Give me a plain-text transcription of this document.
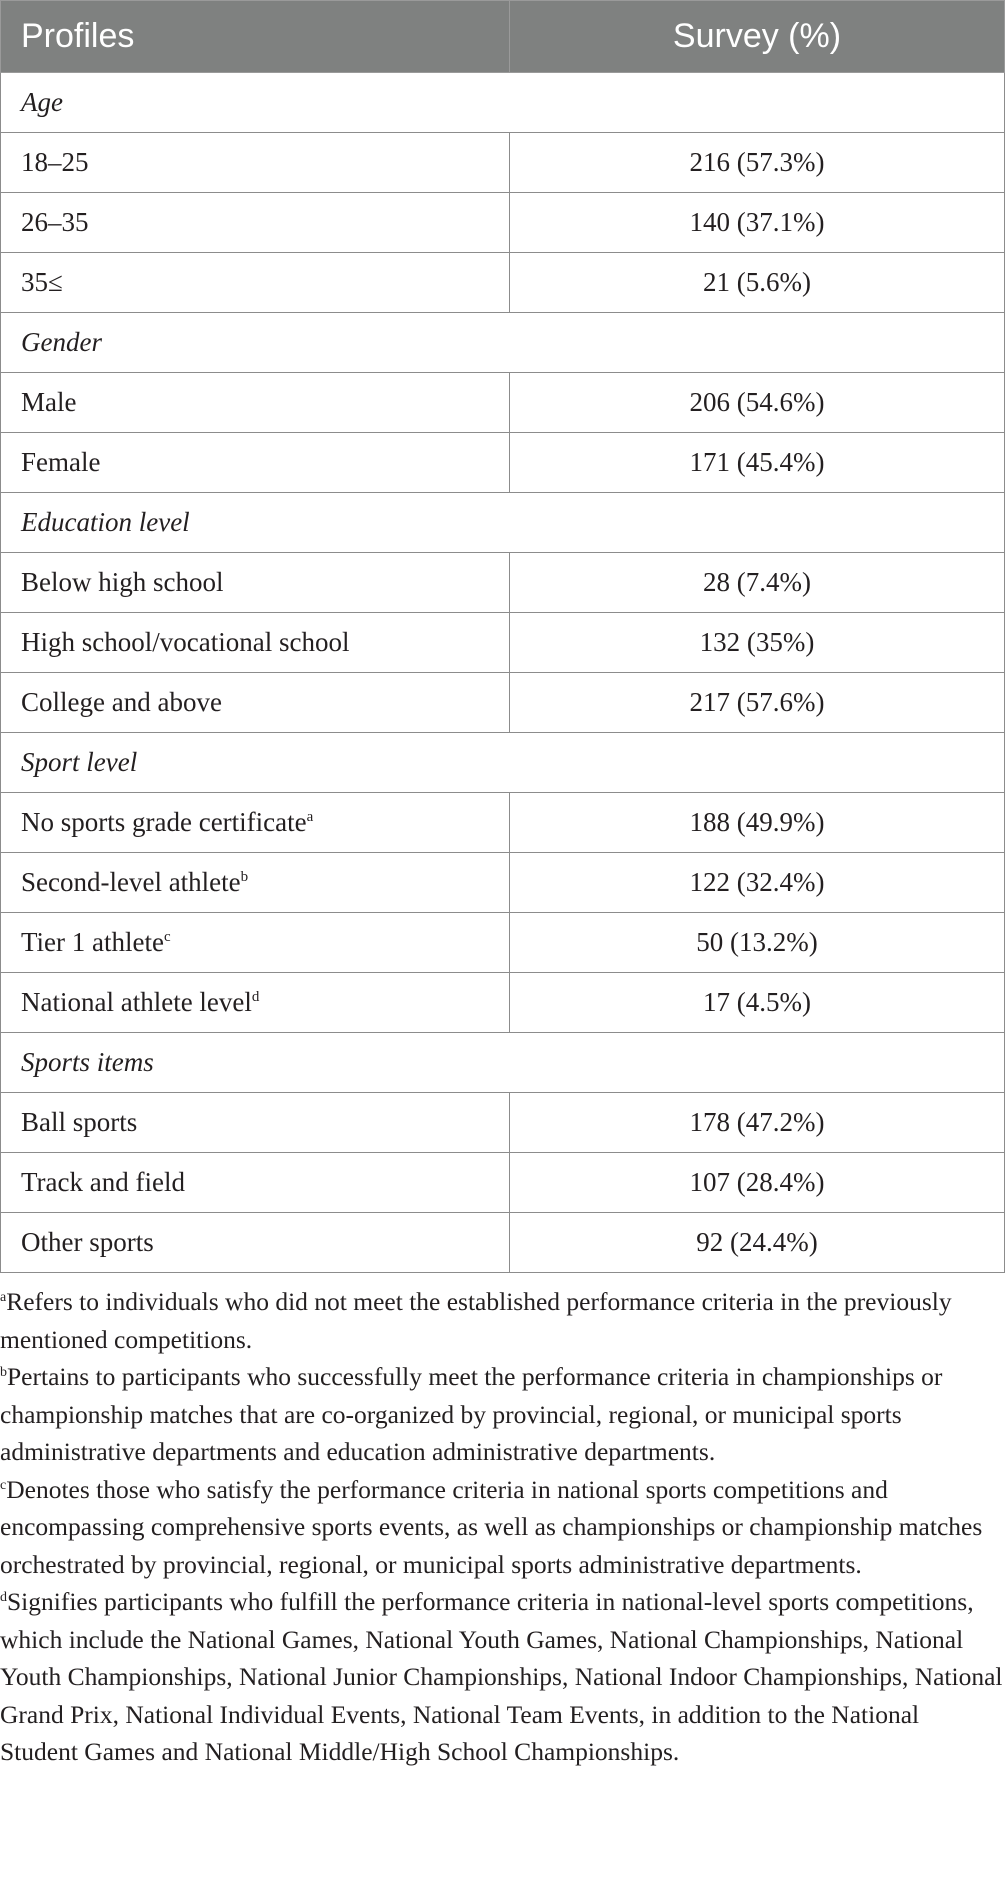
Profiles	Survey (%)
Age	
18–25	216 (57.3%)
26–35	140 (37.1%)
35≤	21 (5.6%)
Gender	
Male	206 (54.6%)
Female	171 (45.4%)
Education level	
Below high school	28 (7.4%)
High school/vocational school	132 (35%)
College and above	217 (57.6%)
Sport level	
No sports grade certificate$^a$	188 (49.9%)
Second-level athlete$^b$	122 (32.4%)
Tier 1 athlete$^c$	50 (13.2%)
National athlete level$^d$	17 (4.5%)
Sports items	
Ball sports	178 (47.2%)
Track and field	107 (28.4%)
Other sports	92 (24.4%)

$^a$Refers to individuals who did not meet the established performance criteria in the previously mentioned competitions.

$^b$Pertains to participants who successfully meet the performance criteria in championships or championship matches that are co-organized by provincial, regional, or municipal sports administrative departments and education administrative departments.

$^c$Denotes those who satisfy the performance criteria in national sports competitions and encompassing comprehensive sports events, as well as championships or championship matches orchestrated by provincial, regional, or municipal sports administrative departments.

$^d$Signifies participants who fulfill the performance criteria in national-level sports competitions, which include the National Games, National Youth Games, National Championships, National Youth Championships, National Junior Championships, National Indoor Championships, National Grand Prix, National Individual Events, National Team Events, in addition to the National Student Games and National Middle/High School Championships.
